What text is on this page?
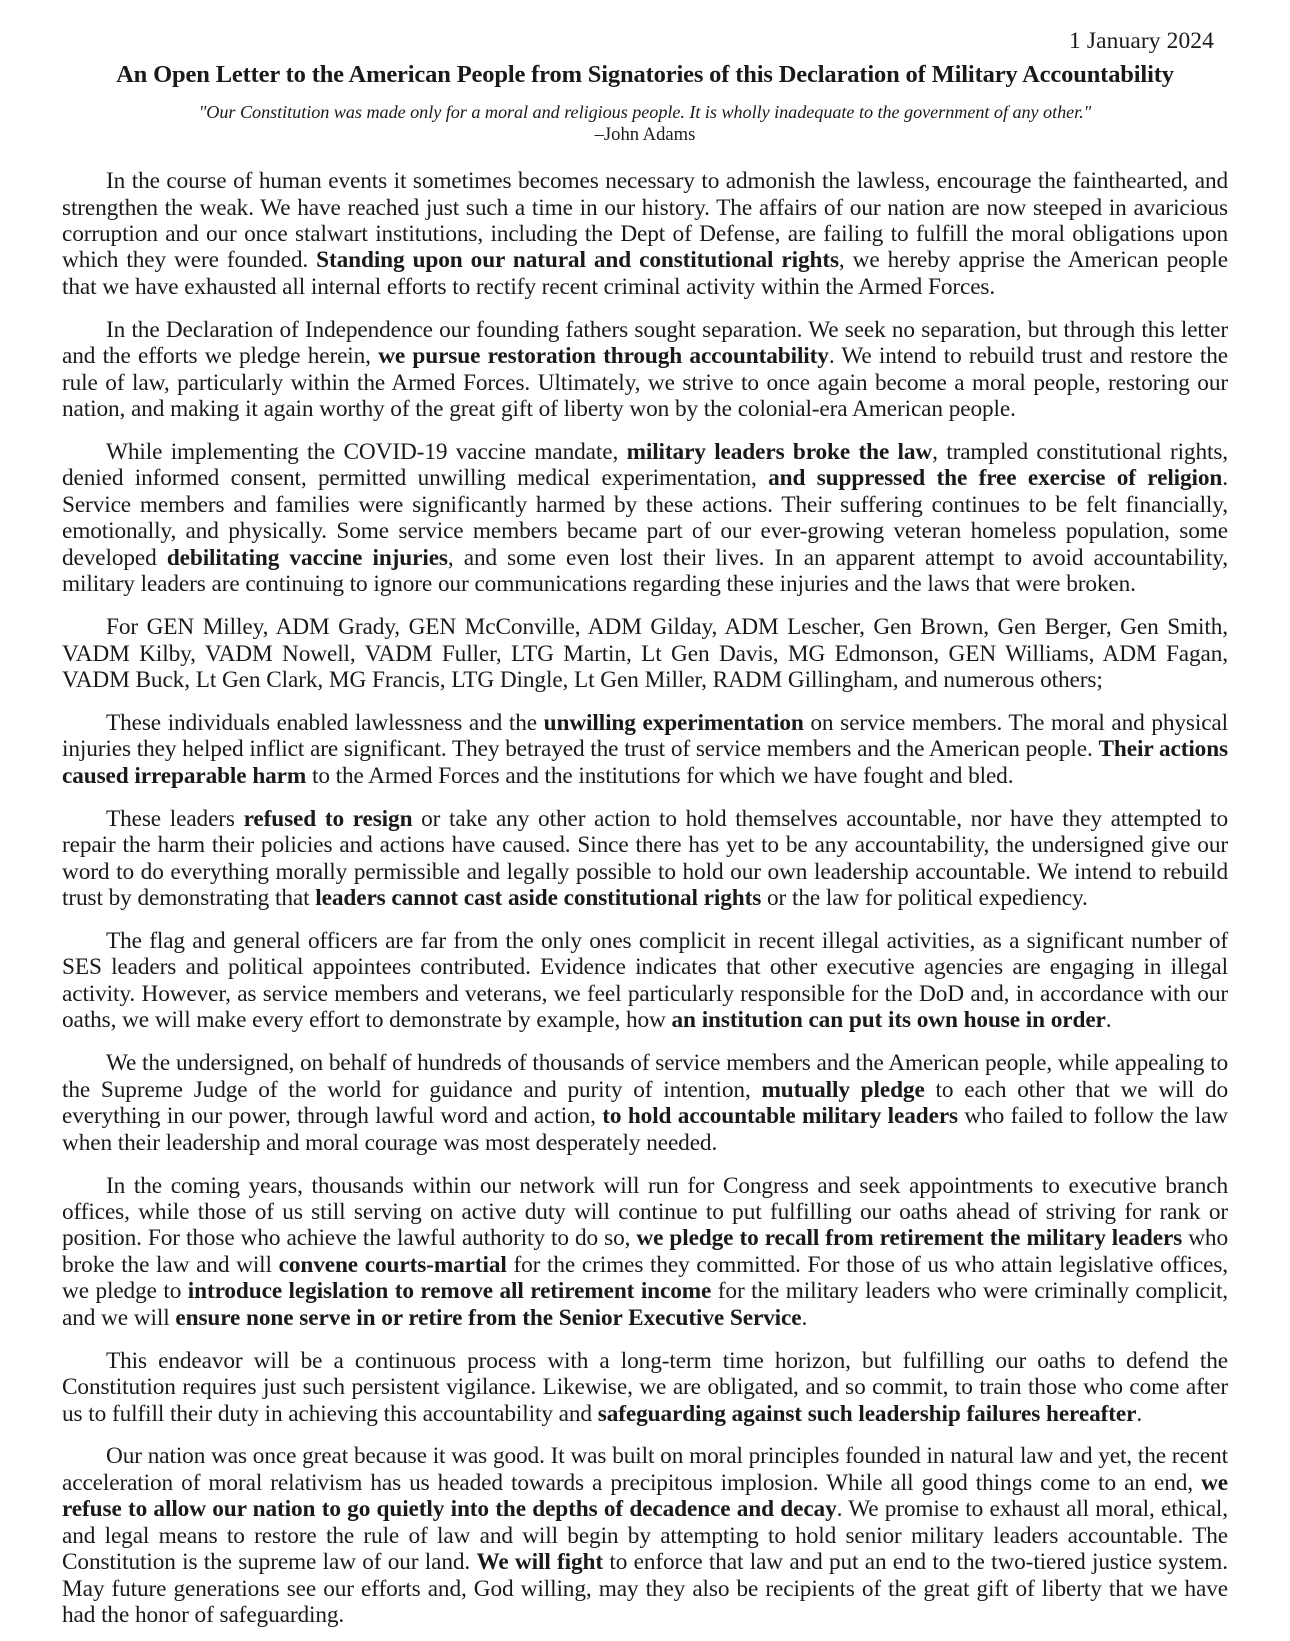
1 January 2024
An Open Letter to the American People from Signatories of this Declaration of Military Accountability
"Our Constitution was made only for a moral and religious people. It is wholly inadequate to the government of any other."
–John Adams

In the course of human events it sometimes becomes necessary to admonish the lawless, encourage the fainthearted, and strengthen the weak. We have reached just such a time in our history. The affairs of our nation are now steeped in avaricious corruption and our once stalwart institutions, including the Dept of Defense, are failing to fulfill the moral obligations upon which they were founded. Standing upon our natural and constitutional rights, we hereby apprise the American people that we have exhausted all internal efforts to rectify recent criminal activity within the Armed Forces.

In the Declaration of Independence our founding fathers sought separation. We seek no separation, but through this letter and the efforts we pledge herein, we pursue restoration through accountability. We intend to rebuild trust and restore the rule of law, particularly within the Armed Forces. Ultimately, we strive to once again become a moral people, restoring our nation, and making it again worthy of the great gift of liberty won by the colonial-era American people.

While implementing the COVID-19 vaccine mandate, military leaders broke the law, trampled constitutional rights, denied informed consent, permitted unwilling medical experimentation, and suppressed the free exercise of religion. Service members and families were significantly harmed by these actions. Their suffering continues to be felt financially, emotionally, and physically. Some service members became part of our ever-growing veteran homeless population, some developed debilitating vaccine injuries, and some even lost their lives. In an apparent attempt to avoid accountability, military leaders are continuing to ignore our communications regarding these injuries and the laws that were broken.

For GEN Milley, ADM Grady, GEN McConville, ADM Gilday, ADM Lescher, Gen Brown, Gen Berger, Gen Smith, VADM Kilby, VADM Nowell, VADM Fuller, LTG Martin, Lt Gen Davis, MG Edmonson, GEN Williams, ADM Fagan, VADM Buck, Lt Gen Clark, MG Francis, LTG Dingle, Lt Gen Miller, RADM Gillingham, and numerous others;

These individuals enabled lawlessness and the unwilling experimentation on service members. The moral and physical injuries they helped inflict are significant. They betrayed the trust of service members and the American people. Their actions caused irreparable harm to the Armed Forces and the institutions for which we have fought and bled.

These leaders refused to resign or take any other action to hold themselves accountable, nor have they attempted to repair the harm their policies and actions have caused. Since there has yet to be any accountability, the undersigned give our word to do everything morally permissible and legally possible to hold our own leadership accountable. We intend to rebuild trust by demonstrating that leaders cannot cast aside constitutional rights or the law for political expediency.

The flag and general officers are far from the only ones complicit in recent illegal activities, as a significant number of SES leaders and political appointees contributed. Evidence indicates that other executive agencies are engaging in illegal activity. However, as service members and veterans, we feel particularly responsible for the DoD and, in accordance with our oaths, we will make every effort to demonstrate by example, how an institution can put its own house in order.

We the undersigned, on behalf of hundreds of thousands of service members and the American people, while appealing to the Supreme Judge of the world for guidance and purity of intention, mutually pledge to each other that we will do everything in our power, through lawful word and action, to hold accountable military leaders who failed to follow the law when their leadership and moral courage was most desperately needed.

In the coming years, thousands within our network will run for Congress and seek appointments to executive branch offices, while those of us still serving on active duty will continue to put fulfilling our oaths ahead of striving for rank or position. For those who achieve the lawful authority to do so, we pledge to recall from retirement the military leaders who broke the law and will convene courts-martial for the crimes they committed. For those of us who attain legislative offices, we pledge to introduce legislation to remove all retirement income for the military leaders who were criminally complicit, and we will ensure none serve in or retire from the Senior Executive Service.

This endeavor will be a continuous process with a long-term time horizon, but fulfilling our oaths to defend the Constitution requires just such persistent vigilance. Likewise, we are obligated, and so commit, to train those who come after us to fulfill their duty in achieving this accountability and safeguarding against such leadership failures hereafter.

Our nation was once great because it was good. It was built on moral principles founded in natural law and yet, the recent acceleration of moral relativism has us headed towards a precipitous implosion. While all good things come to an end, we refuse to allow our nation to go quietly into the depths of decadence and decay. We promise to exhaust all moral, ethical, and legal means to restore the rule of law and will begin by attempting to hold senior military leaders accountable. The Constitution is the supreme law of our land. We will fight to enforce that law and put an end to the two-tiered justice system. May future generations see our efforts and, God willing, may they also be recipients of the great gift of liberty that we have had the honor of safeguarding.
